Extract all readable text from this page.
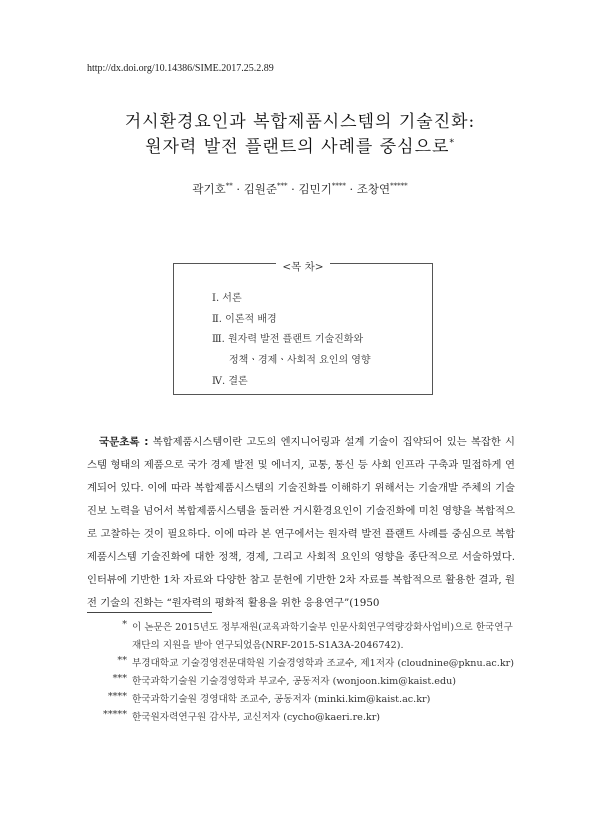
http://dx.doi.org/10.14386/SIME.2017.25.2.89
거시환경요인과 복합제품시스템의 기술진화:
원자력 발전 플랜트의 사례를 중심으로*
곽기호** · 김원준*** · 김민기**** · 조창연*****
<목 차>
Ⅰ. 서론
Ⅱ. 이론적 배경
Ⅲ. 원자력 발전 플랜트 기술진화와
정책ㆍ경제ㆍ사회적 요인의 영향
Ⅳ. 결론
국문초록 : 복합제품시스템이란 고도의 엔지니어링과 설계 기술이 집약되어 있는 복잡한 시스템 형태의 제품으로 국가 경제 발전 및 에너지, 교통, 통신 등 사회 인프라 구축과 밀접하게 연계되어 있다. 이에 따라 복합제품시스템의 기술진화를 이해하기 위해서는 기술개발 주체의 기술진보 노력을 넘어서 복합제품시스템을 둘러싼 거시환경요인이 기술진화에 미친 영향을 복합적으로 고찰하는 것이 필요하다. 이에 따라 본 연구에서는 원자력 발전 플랜트 사례를 중심으로 복합제품시스템 기술진화에 대한 정책, 경제, 그리고 사회적 요인의 영향을 종단적으로 서술하였다. 인터뷰에 기반한 1차 자료와 다양한 참고 문헌에 기반한 2차 자료를 복합적으로 활용한 결과, 원전 기술의 진화는 “원자력의 평화적 활용을 위한 응용연구”(1950
* 이 논문은 2015년도 정부재원(교육과학기술부 인문사회연구역량강화사업비)으로 한국연구
재단의 지원을 받아 연구되었음(NRF-2015-S1A3A-2046742).
** 부경대학교 기술경영전문대학원 기술경영학과 조교수, 제1저자 (cloudnine@pknu.ac.kr)
*** 한국과학기술원 기술경영학과 부교수, 공동저자 (wonjoon.kim@kaist.edu)
**** 한국과학기술원 경영대학 조교수, 공동저자 (minki.kim@kaist.ac.kr)
***** 한국원자력연구원 감사부, 교신저자 (cycho@kaeri.re.kr)
